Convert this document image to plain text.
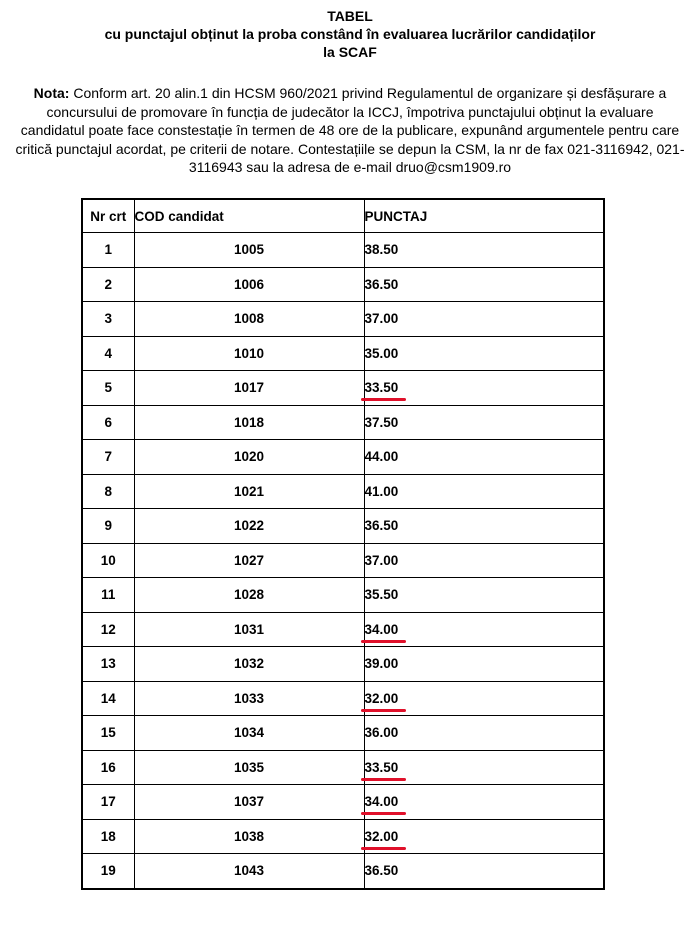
TABEL
cu punctajul obținut la proba constând în evaluarea lucrărilor candidaților
la SCAF
Nota: Conform art. 20 alin.1 din HCSM 960/2021 privind Regulamentul de organizare și desfășurare a concursului de promovare în funcția de judecător la ICCJ, împotriva punctajului obținut la evaluare candidatul poate face constestație în termen de 48 ore de la publicare, expunând argumentele pentru care critică punctajul acordat, pe criterii de notare. Contestațiile se depun la CSM, la nr de fax 021-3116942, 021-3116943 sau la adresa de e-mail druo@csm1909.ro
Nr crt	COD candidat	PUNCTAJ
1	1005	38.50
2	1006	36.50
3	1008	37.00
4	1010	35.00
5	1017	33.50

6	1018	37.50
7	1020	44.00
8	1021	41.00
9	1022	36.50
10	1027	37.00
11	1028	35.50
12	1031	34.00

13	1032	39.00
14	1033	32.00

15	1034	36.00
16	1035	33.50

17	1037	34.00

18	1038	32.00

19	1043	36.50
